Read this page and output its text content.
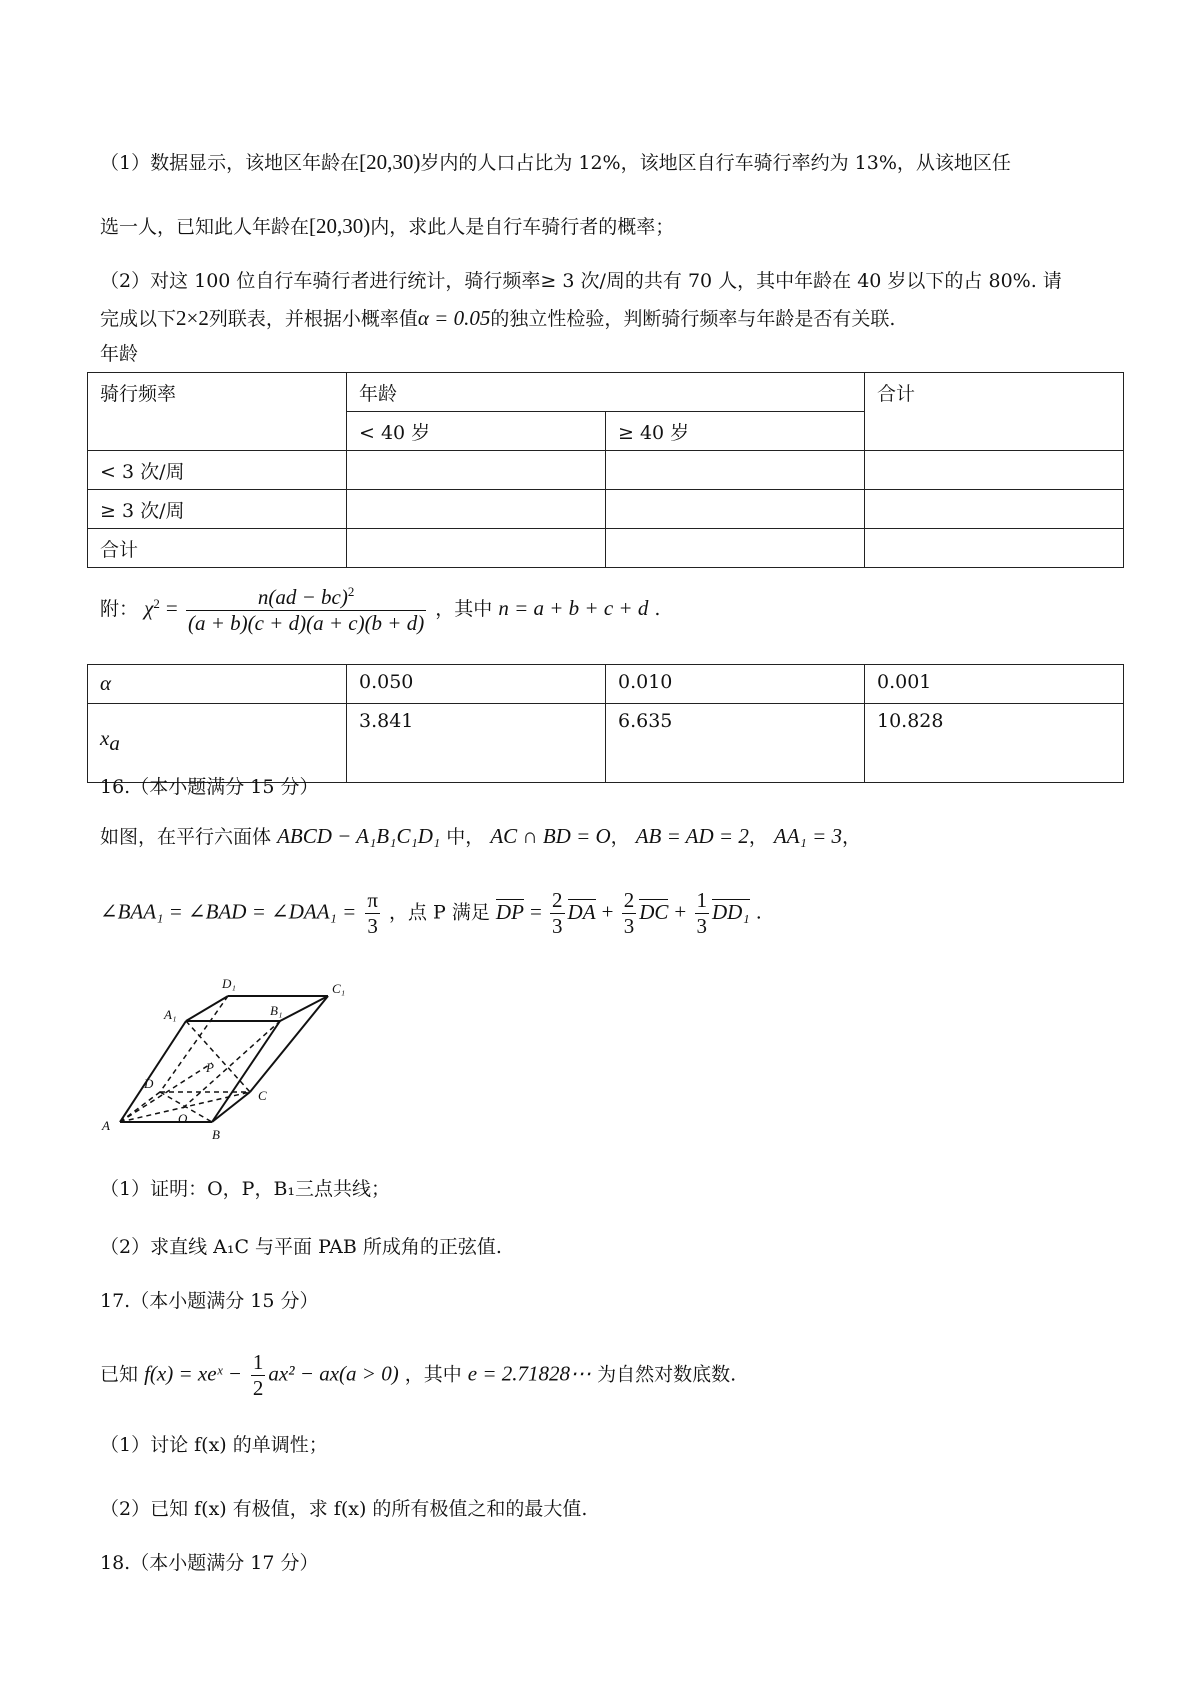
（1）数据显示，该地区年龄在[20,30)岁内的人口占比为 12%，该地区自行车骑行率约为 13%，从该地区任
选一人，已知此人年龄在[20,30)内，求此人是自行车骑行者的概率；
（2）对这 100 位自行车骑行者进行统计，骑行频率≥ 3 次/周的共有 70 人，其中年龄在 40 岁以下的占 80%. 请
完成以下2×2列联表，并根据小概率值α = 0.05的独立性检验，判断骑行频率与年龄是否有关联.
年龄
骑行频率	年龄		合计
	< 40 岁	≥ 40 岁	
< 3 次/周			
≥ 3 次/周			
合计			
附： $\chi^2 = \frac{n(ad - bc)^2}{(a + b)(c + d)(a + c)(b + d)}$ ，其中 n = a + b + c + d .
α	0.050	0.010	0.001
$x_a$	3.841	6.635	10.828
16.（本小题满分 15 分）
如图，在平行六面体 ABCD − A₁B₁C₁D₁ 中， AC ∩ BD = O， AB = AD = 2， AA₁ = 3，
∠BAA₁ = ∠BAD = ∠DAA₁ = $\frac{\pi}{3}$ ，点 P 满足 DP = $\frac{2}{3}$ DA + $\frac{2}{3}$ DC + $\frac{1}{3} DD_1$ .
D₁	C₁
A₁	B₁
P
D
C
A	O
B
（1）证明：O，P，B₁三点共线；
（2）求直线 A₁C 与平面 PAB 所成角的正弦值.
17.（本小题满分 15 分）
已知 f(x) = xeˣ − $\frac{1}{2} ax^2 - ax(a > 0)$ ，其中 e = 2.71828⋯ 为自然对数底数.
（1）讨论 f(x) 的单调性；
（2）已知 f(x) 有极值，求 f(x) 的所有极值之和的最大值.
18.（本小题满分 17 分）
